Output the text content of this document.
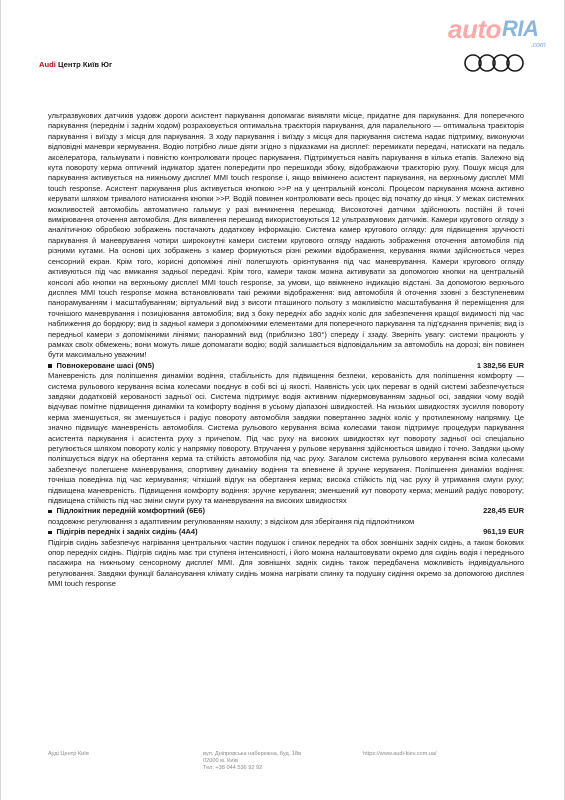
Audi Центр Київ Юг
auto RIA
.com

ультразвукових датчиків уздовж дороги асистент паркування допомагає виявляти місце, придатне для паркування. Для поперечного паркування (переднім і заднім ходом) розраховується оптимальна траєкторія паркування, для паралельного — оптимальна траєкторія паркування і виїзду з місця для паркування. З ходу паркування і виїзду з місця для паркування система надає підтримку, виконуючи відповідні маневри кермування. Водію потрібно лише діяти згідно з підказками на дисплеї: перемикати передачі, натискати на педаль акселератора, гальмувати і повністю контролювати процес паркування. Підтримується навіть паркування в кілька етапів. Залежно від кута повороту керма оптичний індикатор здатен попередити про перешкоди збоку, відображаючи траєкторію руху. Пошук місця для паркування активується на нижньому дисплеї MMI touch response і, якщо ввімкнено асистент паркування, на верхньому дисплеї MMI touch response. Асистент паркування plus активується кнопкою >>P на у центральній консолі. Процесом паркування можна активно керувати шляхом тривалого натискання кнопки >>P. Водій повинен контролювати весь процес від початку до кінця. У межах системних можливостей автомобіль автоматично гальмує у разі виникнення перешкод. Високоточні датчики здійснюють постійні й точні вимірювання оточення автомобіля. Для виявлення перешкод використовуються 12 ультразвукових датчиків. Камери кругового огляду з аналітичною обробкою зображень постачають додаткову інформацію. Система камер кругового огляду: для підвищення зручності паркування й маневрування чотири ширококутні камери системи кругового огляду надають зображення оточення автомобіля під різними кутами. На основі цих зображень з камер формуються різні режими відображення, керування якими здійснюється через сенсорний екран. Крім того, корисні допоміжні лінії полегшують орієнтування під час маневрування. Камери кругового огляду активуються під час вмикання задньої передачі. Крім того, камери також можна активувати за допомогою кнопки на центральній консолі або кнопки на верхньому дисплеї MMI touch response, за умови, що ввімкнено індикацію відстані. За допомогою верхнього дисплея MMI touch response можна встановлювати такі режими відображення: вид автомобіля й оточення ззовні з безступеневим панорамуванням і масштабуванням; віртуальний вид з висоти пташиного польоту з можливістю масштабування й переміщення для точнішого маневрування і позиціювання автомобіля; вид з боку передніх або задніх коліс для забезпечення кращої видимості під час наближення до бордюру; вид із задньої камери з допоміжними елементами для поперечного паркування та під'єднання причепів; вид із передньої камери з допоміжними лініями; панорамний вид (приблизно 180°) спереду і ззаду. Зверніть увагу: системи працюють у рамках своїх обмежень; вони можуть лише допомагати водію; водій залишається відповідальним за автомобіль на дорозі; він повинен бути максимально уважним!

Повнокероване шасі (0N5)	1 382,56 EUR

Маневреність для поліпшення динаміки водіння, стабільність для підвищення безпеки, керованість для поліпшення комфорту — система рульового керування всіма колесами поєднує в собі всі ці якості. Наявність усіх цих переваг в одній системі забезпечується завдяки додатковій керованості задньої осі. Система підтримує водія активним підкермовуванням задньої осі, завдяки чому водій відчуває помітне підвищення динаміки та комфорту водіння в усьому діапазоні швидкостей. На низьких швидкостях зусилля повороту керма зменшується, як зменшується і радіус повороту автомобіля завдяки повертанню задніх коліс у протилежному напрямку. Це значно підвищує маневреність автомобіля. Система рульового керування всіма колесами також підтримує процедури паркування асистента паркування і асистента руху з причепом. Під час руху на високих швидкостях кут повороту задньої осі спеціально регулюється шляхом повороту коліс у напрямку повороту. Втручання у рульове керування здійснюється швидко і точно. Завдяки цьому поліпшується відгук на обертання керма та стійкість автомобіля під час руху. Загалом система рульового керування всіма колесами забезпечує полегшене маневрування, спортивну динаміку водіння та впевнене й зручне керування. Поліпшення динаміки водіння: точніша поведінка під час кермування; чіткіший відгук на обертання керма; висока стійкість під час руху й утримання смуги руху; підвищена маневреність. Підвищення комфорту водіння: зручне керування; зменшений кут повороту керма; менший радіус повороту; підвищена стійкість під час зміни смуги руху та маневрування на високих швидкостях

Підлокітник передній комфортний (6E6)	228,45 EUR

поздовжнє регулювання з адаптивним регулюванням нахилу; з відсіком для зберігання під підлокітником

Підігрів передніх і задніх сидінь (4A4)	961,19 EUR

Підігрів сидінь забезпечує нагрівання центральних частин подушок і спинок передніх та обох зовнішніх задніх сидінь, а також бокових опор передніх сидінь. Підігрів сидінь має три ступеня інтенсивності, і його можна налаштовувати окремо для сидінь водія і переднього пасажира на нижньому сенсорному дисплеї MMI. Для зовнішніх задніх сидінь також передбачена можливість індивідуального регулювання. Завдяки функції балансування клімату сидінь можна нагрівати спинку та подушку сидіння окремо за допомогою дисплея MMI touch response

Ауді Центр Київ	вул. Дніпровська набережна, буд. 18в
02000 м. Київ
Тел: +38 044 536 92 92
https://www.audi-kiev.com.ua/
